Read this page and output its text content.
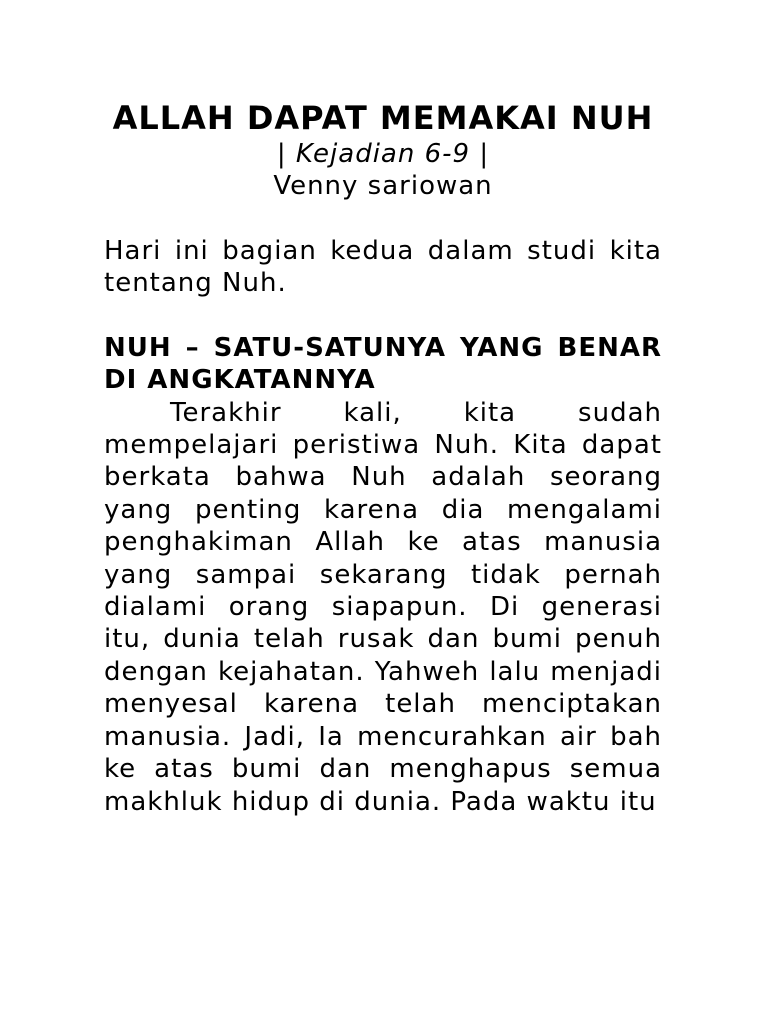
ALLAH DAPAT MEMAKAI NUH

| Kejadian 6-9 |

Venny sariowan

Hari ini bagian kedua dalam studi kita tentang Nuh.

NUH – SATU-SATUNYA YANG BENAR DI ANGKATANNYA

Terakhir kali, kita sudah mempelajari peristiwa Nuh. Kita dapat berkata bahwa Nuh adalah seorang yang penting karena dia mengalami penghakiman Allah ke atas manusia yang sampai sekarang tidak pernah dialami orang siapapun. Di generasi itu, dunia telah rusak dan bumi penuh dengan kejahatan. Yahweh lalu menjadi menyesal karena telah menciptakan manusia. Jadi, Ia mencurahkan air bah ke atas bumi dan menghapus semua makhluk hidup di dunia. Pada waktu itu
